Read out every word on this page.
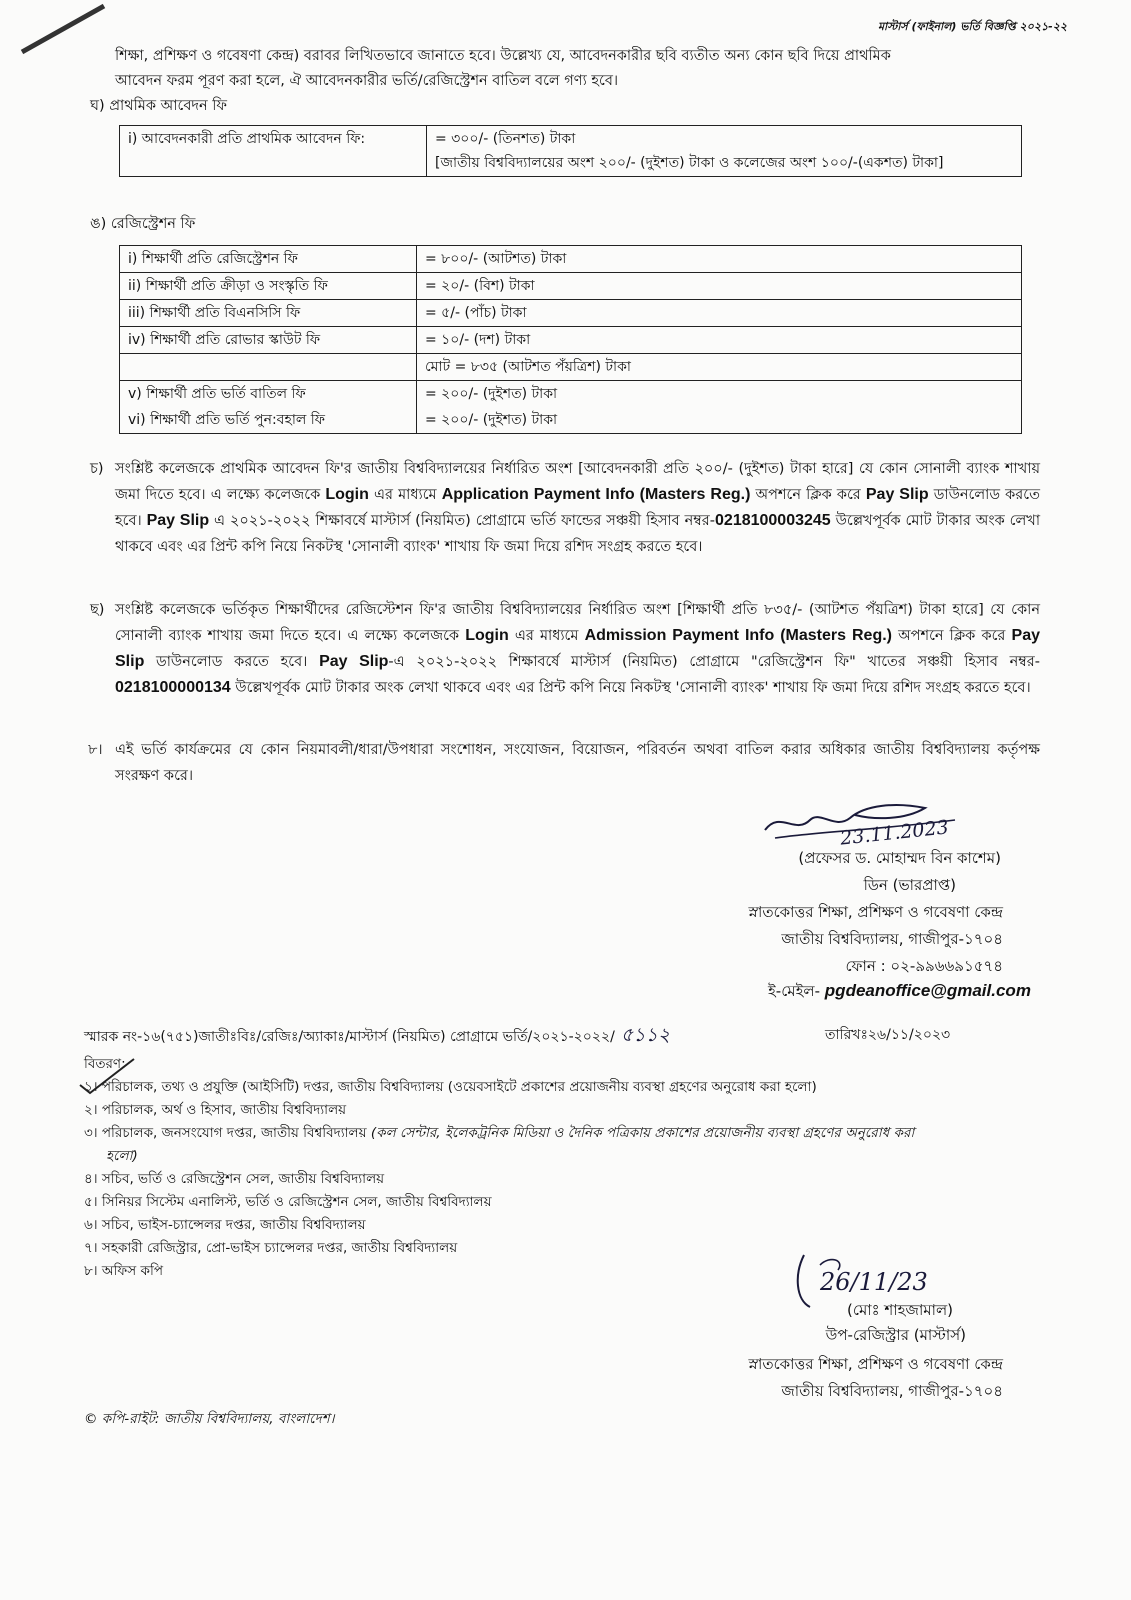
মাস্টার্স (ফাইনাল) ভর্তি বিজ্ঞপ্তি ২০২১-২২
শিক্ষা, প্রশিক্ষণ ও গবেষণা কেন্দ্র) বরাবর লিখিতভাবে জানাতে হবে। উল্লেখ্য যে, আবেদনকারীর ছবি ব্যতীত অন্য কোন ছবি দিয়ে প্রাথমিক
আবেদন ফরম পূরণ করা হলে, ঐ আবেদনকারীর ভর্তি/রেজিস্ট্রেশন বাতিল বলে গণ্য হবে।
ঘ) প্রাথমিক আবেদন ফি
i) আবেদনকারী প্রতি প্রাথমিক আবেদন ফি:	= ৩০০/- (তিনশত) টাকা
[জাতীয় বিশ্ববিদ্যালয়ের অংশ ২০০/- (দুইশত) টাকা ও কলেজের অংশ ১০০/-(একশত) টাকা]
ঙ) রেজিস্ট্রেশন ফি
i) শিক্ষার্থী প্রতি রেজিস্ট্রেশন ফি	= ৮০০/- (আটশত) টাকা
ii) শিক্ষার্থী প্রতি ক্রীড়া ও সংস্কৃতি ফি	= ২০/- (বিশ) টাকা
iii) শিক্ষার্থী প্রতি বিএনসিসি ফি	= ৫/- (পাঁচ) টাকা
iv) শিক্ষার্থী প্রতি রোভার স্কাউট ফি	= ১০/- (দশ) টাকা
	মোট = ৮৩৫ (আটশত পঁয়ত্রিশ) টাকা
v) শিক্ষার্থী প্রতি ভর্তি বাতিল ফি	= ২০০/- (দুইশত) টাকা
vi) শিক্ষার্থী প্রতি ভর্তি পুন:বহাল ফি	= ২০০/- (দুইশত) টাকা
চ) সংশ্লিষ্ট কলেজকে প্রাথমিক আবেদন ফি'র জাতীয় বিশ্ববিদ্যালয়ের নির্ধারিত অংশ [আবেদনকারী প্রতি ২০০/- (দুইশত) টাকা হারে] যে কোন সোনালী ব্যাংক শাখায় জমা দিতে হবে। এ লক্ষ্যে কলেজকে Login এর মাধ্যমে Application Payment Info (Masters Reg.) অপশনে ক্লিক করে Pay Slip ডাউনলোড করতে হবে। Pay Slip এ ২০২১-২০২২ শিক্ষাবর্ষে মাস্টার্স (নিয়মিত) প্রোগ্রামে ভর্তি ফান্ডের সঞ্চয়ী হিসাব নম্বর-0218100003245 উল্লেখপূর্বক মোট টাকার অংক লেখা থাকবে এবং এর প্রিন্ট কপি নিয়ে নিকটস্থ 'সোনালী ব্যাংক' শাখায় ফি জমা দিয়ে রশিদ সংগ্রহ করতে হবে।

ছ) সংশ্লিষ্ট কলেজকে ভর্তিকৃত শিক্ষার্থীদের রেজিস্টেশন ফি'র জাতীয় বিশ্ববিদ্যালয়ের নির্ধারিত অংশ [শিক্ষার্থী প্রতি ৮৩৫/- (আটশত পঁয়ত্রিশ) টাকা হারে] যে কোন সোনালী ব্যাংক শাখায় জমা দিতে হবে। এ লক্ষ্যে কলেজকে Login এর মাধ্যমে Admission Payment Info (Masters Reg.) অপশনে ক্লিক করে Pay Slip ডাউনলোড করতে হবে। Pay Slip-এ ২০২১-২০২২ শিক্ষাবর্ষে মাস্টার্স (নিয়মিত) প্রোগ্রামে "রেজিস্ট্রেশন ফি" খাতের সঞ্চয়ী হিসাব নম্বর- 0218100000134 উল্লেখপূর্বক মোট টাকার অংক লেখা থাকবে এবং এর প্রিন্ট কপি নিয়ে নিকটস্থ 'সোনালী ব্যাংক' শাখায় ফি জমা দিয়ে রশিদ সংগ্রহ করতে হবে।

৮। এই ভর্তি কার্যক্রমের যে কোন নিয়মাবলী/ধারা/উপধারা সংশোধন, সংযোজন, বিয়োজন, পরিবর্তন অথবা বাতিল করার অধিকার জাতীয় বিশ্ববিদ্যালয় কর্তৃপক্ষ সংরক্ষণ করে।

23.11.2023
(প্রফেসর ড. মোহাম্মদ বিন কাশেম)
ডিন (ভারপ্রাপ্ত)
স্নাতকোত্তর শিক্ষা, প্রশিক্ষণ ও গবেষণা কেন্দ্র
জাতীয় বিশ্ববিদ্যালয়, গাজীপুর-১৭০৪
ফোন : ০২-৯৯৬৬৯১৫৭৪
ই-মেইল- pgdeanoffice@gmail.com
স্মারক নং-১৬(৭৫১)জাতীঃবিঃ/রেজিঃ/অ্যাকাঃ/মাস্টার্স (নিয়মিত) প্রোগ্রামে ভর্তি/২০২১-২০২২/ ৫১১২	তারিখঃ২৬/১১/২০২৩
বিতরণ:
১। পরিচালক, তথ্য ও প্রযুক্তি (আইসিটি) দপ্তর, জাতীয় বিশ্ববিদ্যালয় (ওয়েবসাইটে প্রকাশের প্রয়োজনীয় ব্যবস্থা গ্রহণের অনুরোধ করা হলো)
২। পরিচালক, অর্থ ও হিসাব, জাতীয় বিশ্ববিদ্যালয়
৩। পরিচালক, জনসংযোগ দপ্তর, জাতীয় বিশ্ববিদ্যালয় (কল সেন্টার, ইলেকট্রনিক মিডিয়া ও দৈনিক পত্রিকায় প্রকাশের প্রয়োজনীয় ব্যবস্থা গ্রহণের অনুরোধ করা
হলো)
৪। সচিব, ভর্তি ও রেজিস্ট্রেশন সেল, জাতীয় বিশ্ববিদ্যালয়
৫। সিনিয়র সিস্টেম এনালিস্ট, ভর্তি ও রেজিস্ট্রেশন সেল, জাতীয় বিশ্ববিদ্যালয়
৬। সচিব, ভাইস-চ্যান্সেলর দপ্তর, জাতীয় বিশ্ববিদ্যালয়
৭। সহকারী রেজিস্ট্রার, প্রো-ভাইস চ্যান্সেলর দপ্তর, জাতীয় বিশ্ববিদ্যালয়
৮। অফিস কপি	26/11/23
(মোঃ শাহজামাল)
উপ-রেজিস্ট্রার (মাস্টার্স)
স্নাতকোত্তর শিক্ষা, প্রশিক্ষণ ও গবেষণা কেন্দ্র
জাতীয় বিশ্ববিদ্যালয়, গাজীপুর-১৭০৪
© কপি-রাইট: জাতীয় বিশ্ববিদ্যালয়, বাংলাদেশ।
